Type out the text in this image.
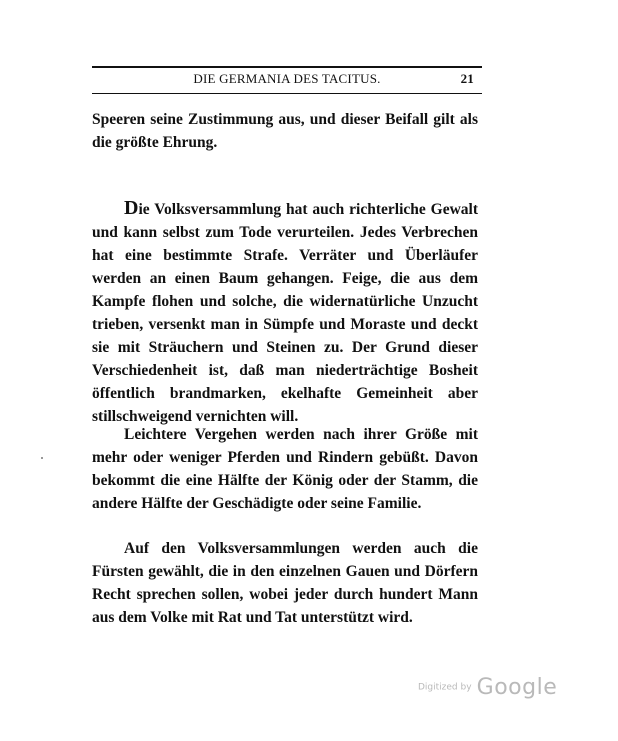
DIE GERMANIA DES TACITUS.	21
Speeren seine Zustimmung aus, und dieser Beifall gilt als die größte Ehrung.
Die Volksversammlung hat auch richterliche Gewalt und kann selbst zum Tode verurteilen. Jedes Verbrechen hat eine bestimmte Strafe. Verräter und Überläufer werden an einen Baum gehangen. Feige, die aus dem Kampfe flohen und solche, die widernatürliche Unzucht trieben, versenkt man in Sümpfe und Moraste und deckt sie mit Sträuchern und Steinen zu. Der Grund dieser Verschiedenheit ist, daß man niederträchtige Bosheit öffentlich brandmarken, ekelhafte Gemeinheit aber stillschweigend vernichten will.
Leichtere Vergehen werden nach ihrer Größe mit mehr oder weniger Pferden und Rindern gebüßt. Davon bekommt die eine Hälfte der König oder der Stamm, die andere Hälfte der Geschädigte oder seine Familie.
Auf den Volksversammlungen werden auch die Fürsten gewählt, die in den einzelnen Gauen und Dörfern Recht sprechen sollen, wobei jeder durch hundert Mann aus dem Volke mit Rat und Tat unterstützt wird.
Digitized by Google
